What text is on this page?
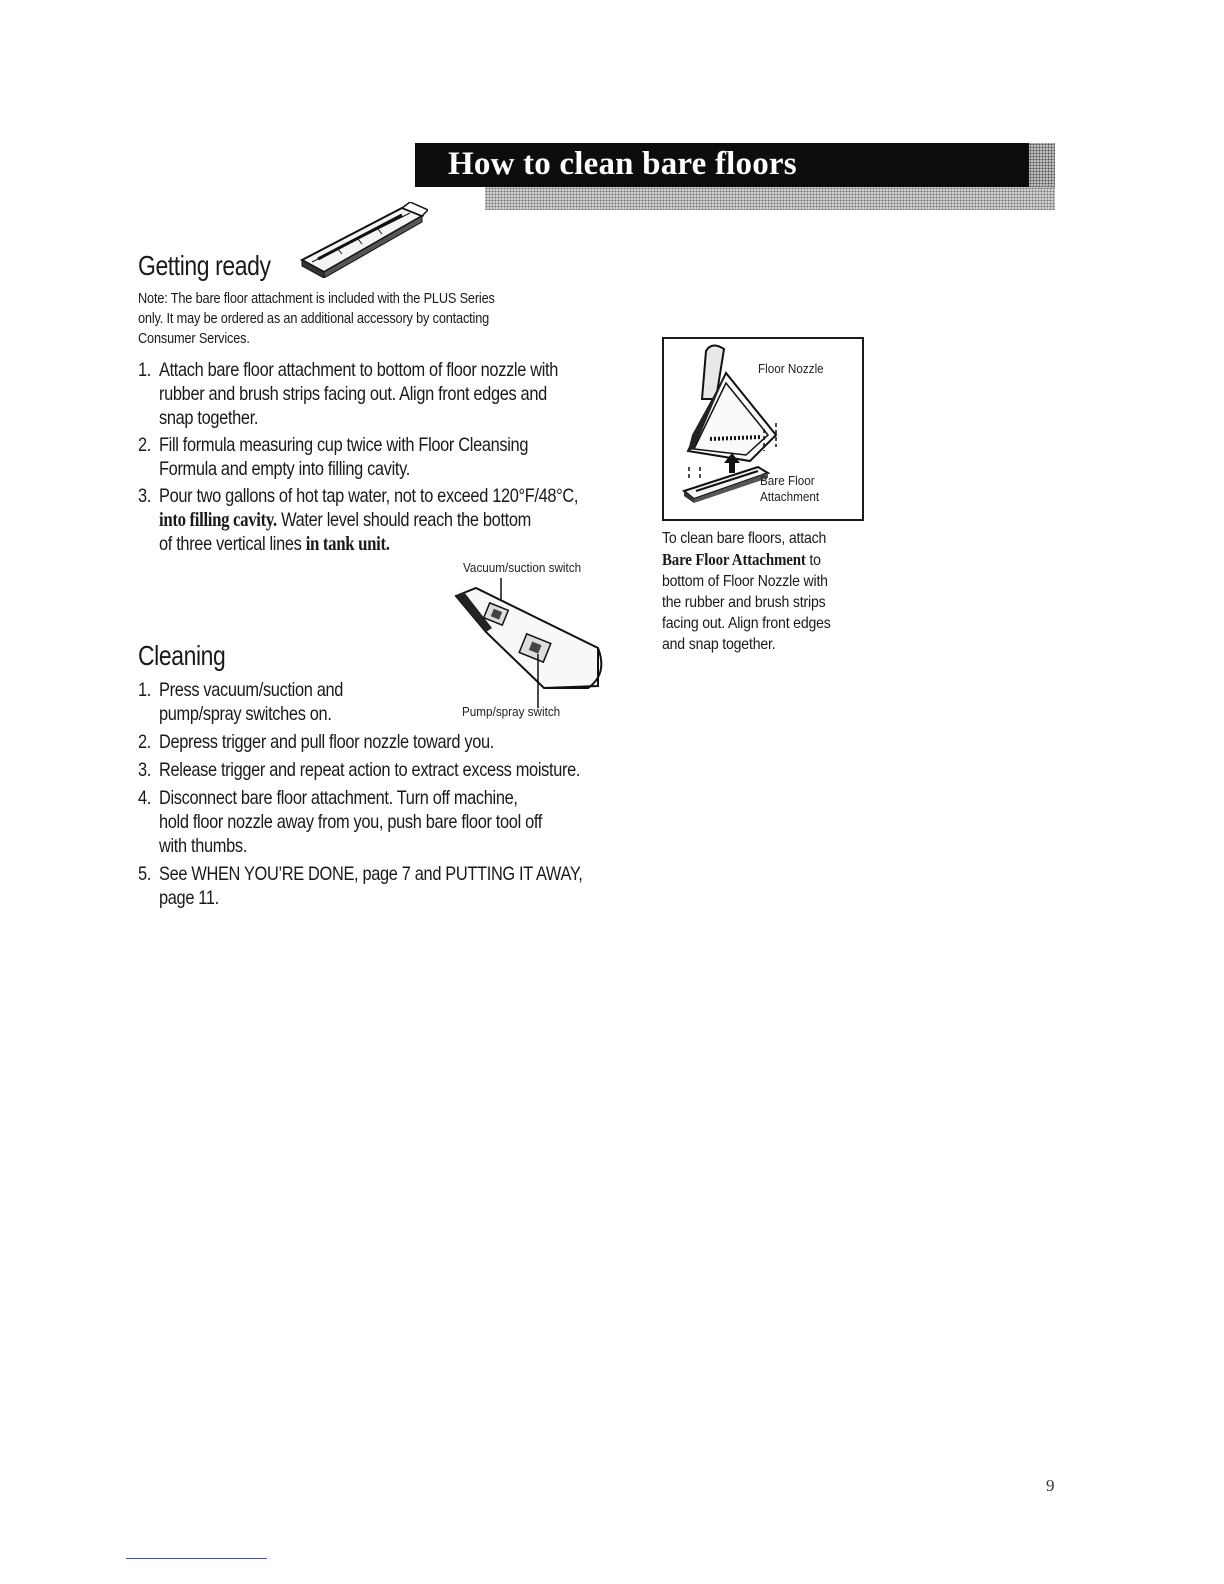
How to clean bare floors
Getting ready
Note: The bare floor attachment is included with the PLUS Series
only. It may be ordered as an additional accessory by contacting
Consumer Services.
1. Attach bare floor attachment to bottom of floor nozzle with
rubber and brush strips facing out. Align front edges and
snap together.
2. Fill formula measuring cup twice with Floor Cleansing
Formula and empty into filling cavity.
3. Pour two gallons of hot tap water, not to exceed 120°F/48°C,
into filling cavity. Water level should reach the bottom
of three vertical lines in tank unit.
Vacuum/suction switch
Pump/spray switch
Cleaning
1. Press vacuum/suction and
pump/spray switches on.
2. Depress trigger and pull floor nozzle toward you.
3. Release trigger and repeat action to extract excess moisture.
4. Disconnect bare floor attachment. Turn off machine,
hold floor nozzle away from you, push bare floor tool off
with thumbs.
5. See WHEN YOU’RE DONE, page 7 and PUTTING IT AWAY,
page 11.
Floor Nozzle
Bare Floor
Attachment
To clean bare floors, attach
Bare Floor Attachment to
bottom of Floor Nozzle with
the rubber and brush strips
facing out. Align front edges
and snap together.
9
